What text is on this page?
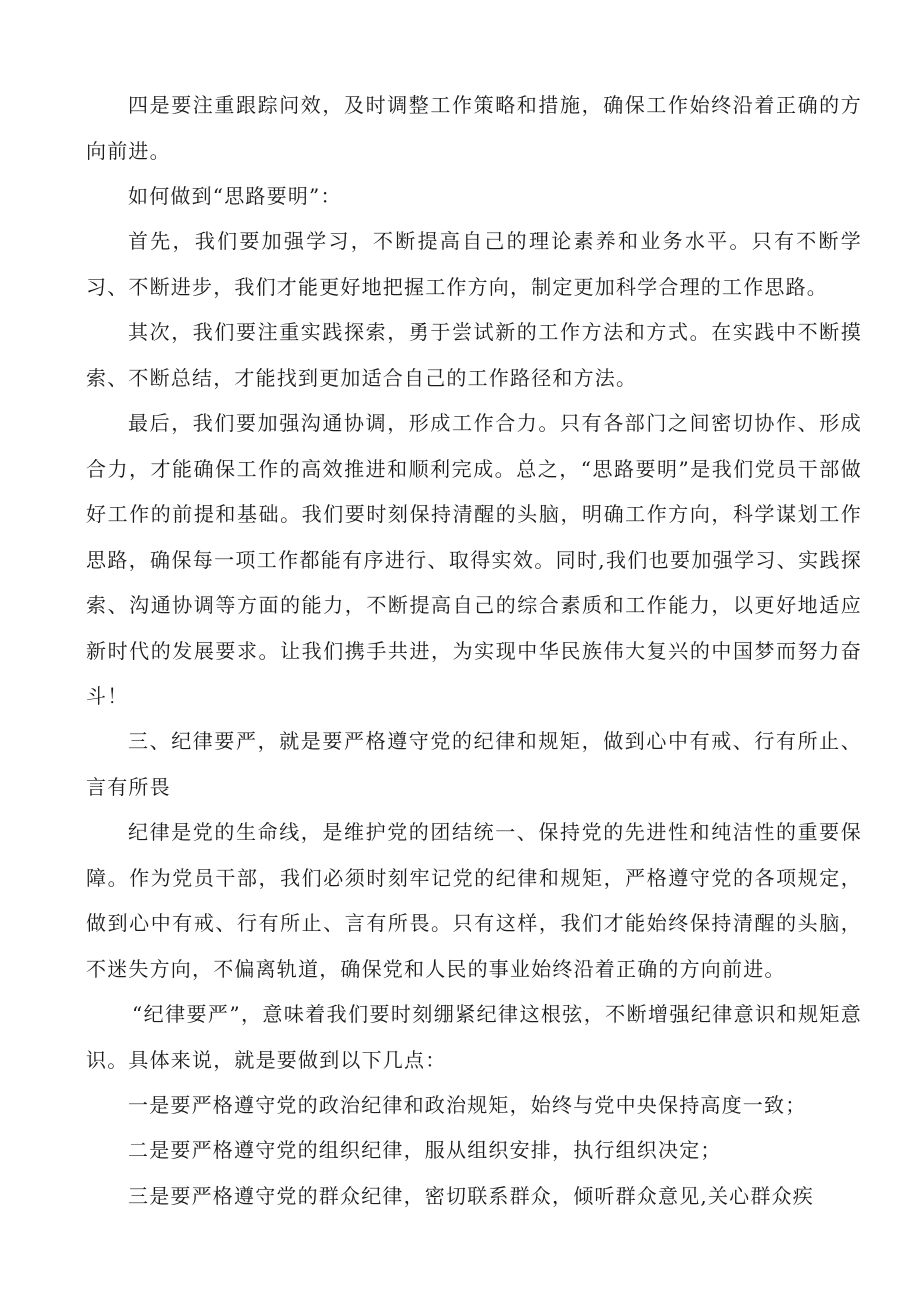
四是要注重跟踪问效，及时调整工作策略和措施，确保工作始终沿着正确的方向前进。

如何做到“思路要明”：

首先，我们要加强学习，不断提高自己的理论素养和业务水平。只有不断学习、不断进步，我们才能更好地把握工作方向，制定更加科学合理的工作思路。

其次，我们要注重实践探索，勇于尝试新的工作方法和方式。在实践中不断摸索、不断总结，才能找到更加适合自己的工作路径和方法。

最后，我们要加强沟通协调，形成工作合力。只有各部门之间密切协作、形成合力，才能确保工作的高效推进和顺利完成。总之，“思路要明”是我们党员干部做好工作的前提和基础。我们要时刻保持清醒的头脑，明确工作方向，科学谋划工作思路，确保每一项工作都能有序进行、取得实效。同时,我们也要加强学习、实践探索、沟通协调等方面的能力，不断提高自己的综合素质和工作能力，以更好地适应新时代的发展要求。让我们携手共进，为实现中华民族伟大复兴的中国梦而努力奋斗！

三、纪律要严，就是要严格遵守党的纪律和规矩，做到心中有戒、行有所止、言有所畏

纪律是党的生命线，是维护党的团结统一、保持党的先进性和纯洁性的重要保障。作为党员干部，我们必须时刻牢记党的纪律和规矩，严格遵守党的各项规定，做到心中有戒、行有所止、言有所畏。只有这样，我们才能始终保持清醒的头脑，不迷失方向，不偏离轨道，确保党和人民的事业始终沿着正确的方向前进。

“纪律要严”，意味着我们要时刻绷紧纪律这根弦，不断增强纪律意识和规矩意识。具体来说，就是要做到以下几点：

一是要严格遵守党的政治纪律和政治规矩，始终与党中央保持高度一致；

二是要严格遵守党的组织纪律，服从组织安排，执行组织决定；

三是要严格遵守党的群众纪律，密切联系群众，倾听群众意见,关心群众疾
